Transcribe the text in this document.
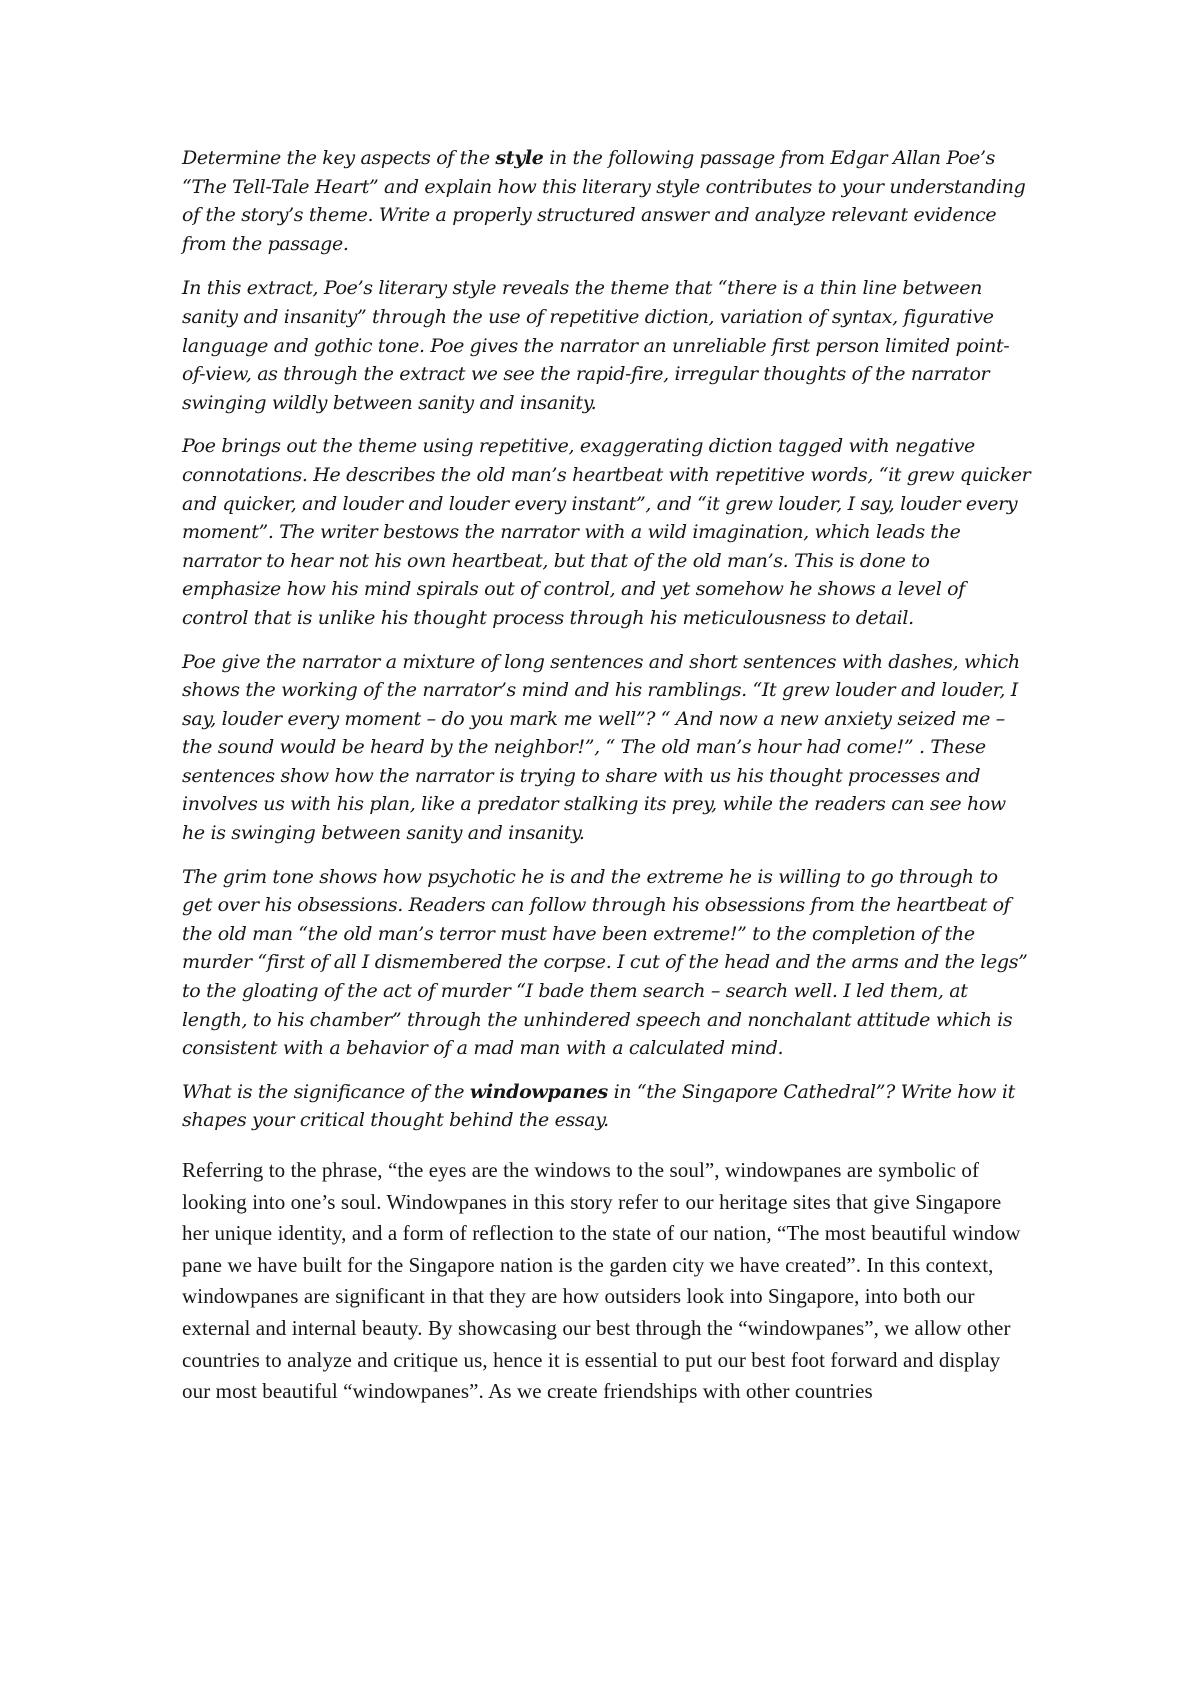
Determine the key aspects of the style in the following passage from Edgar Allan Poe’s “The Tell-Tale Heart” and explain how this literary style contributes to your understanding of the story’s theme. Write a properly structured answer and analyze relevant evidence from the passage.

In this extract, Poe’s literary style reveals the theme that “there is a thin line between sanity and insanity” through the use of repetitive diction, variation of syntax, figurative language and gothic tone. Poe gives the narrator an unreliable first person limited point-of-view, as through the extract we see the rapid-fire, irregular thoughts of the narrator swinging wildly between sanity and insanity.

Poe brings out the theme using repetitive, exaggerating diction tagged with negative connotations. He describes the old man’s heartbeat with repetitive words, “it grew quicker and quicker, and louder and louder every instant”, and “it grew louder, I say, louder every moment”. The writer bestows the narrator with a wild imagination, which leads the narrator to hear not his own heartbeat, but that of the old man’s. This is done to emphasize how his mind spirals out of control, and yet somehow he shows a level of control that is unlike his thought process through his meticulousness to detail.

Poe give the narrator a mixture of long sentences and short sentences with dashes, which shows the working of the narrator’s mind and his ramblings. “It grew louder and louder, I say, louder every moment – do you mark me well”? “ And now a new anxiety seized me – the sound would be heard by the neighbor!”, “ The old man’s hour had come!” . These sentences show how the narrator is trying to share with us his thought processes and involves us with his plan, like a predator stalking its prey, while the readers can see how he is swinging between sanity and insanity.

The grim tone shows how psychotic he is and the extreme he is willing to go through to get over his obsessions. Readers can follow through his obsessions from the heartbeat of the old man “the old man’s terror must have been extreme!” to the completion of the murder “first of all I dismembered the corpse. I cut of the head and the arms and the legs” to the gloating of the act of murder “I bade them search – search well. I led them, at length, to his chamber” through the unhindered speech and nonchalant attitude which is consistent with a behavior of a mad man with a calculated mind.

What is the significance of the windowpanes in “the Singapore Cathedral”? Write how it shapes your critical thought behind the essay.

Referring to the phrase, “the eyes are the windows to the soul”, windowpanes are symbolic of looking into one’s soul. Windowpanes in this story refer to our heritage sites that give Singapore her unique identity, and a form of reflection to the state of our nation, “The most beautiful window pane we have built for the Singapore nation is the garden city we have created”. In this context, windowpanes are significant in that they are how outsiders look into Singapore, into both our external and internal beauty. By showcasing our best through the “windowpanes”, we allow other countries to analyze and critique us, hence it is essential to put our best foot forward and display our most beautiful “windowpanes”. As we create friendships with other countries
